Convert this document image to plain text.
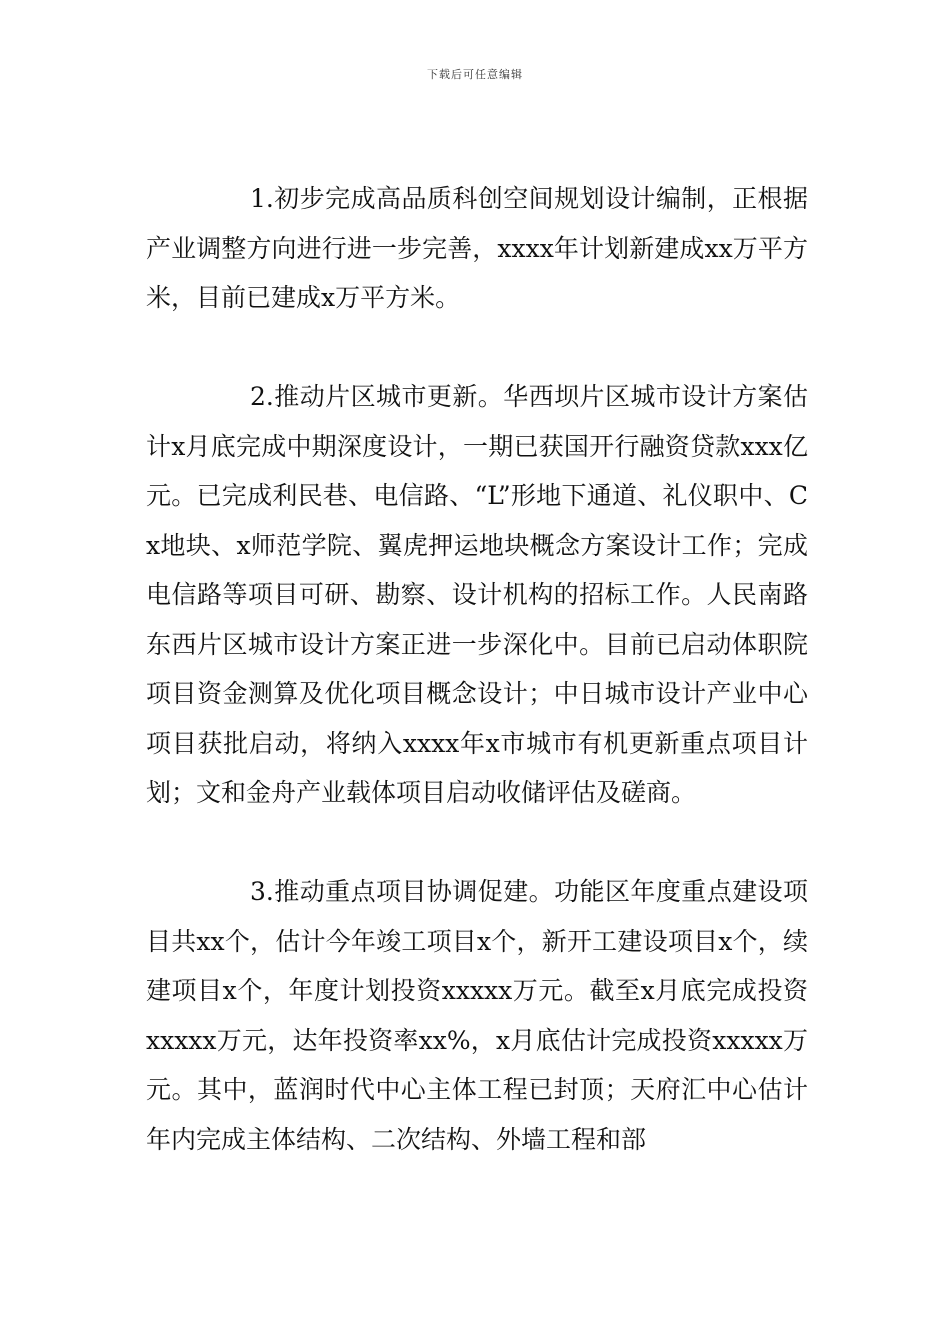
下载后可任意编辑

1.初步完成高品质科创空间规划设计编制，正根据产业调整方向进行进一步完善，xxxx年计划新建成xx万平方米，目前已建成x万平方米。

2.推动片区城市更新。华西坝片区城市设计方案估计x月底完成中期深度设计，一期已获国开行融资贷款xxx亿元。已完成利民巷、电信路、“L”形地下通道、礼仪职中、Cx地块、x师范学院、翼虎押运地块概念方案设计工作；完成电信路等项目可研、勘察、设计机构的招标工作。人民南路东西片区城市设计方案正进一步深化中。目前已启动体职院项目资金测算及优化项目概念设计；中日城市设计产业中心项目获批启动，将纳入xxxx年x市城市有机更新重点项目计划；文和金舟产业载体项目启动收储评估及磋商。

3.推动重点项目协调促建。功能区年度重点建设项目共xx个，估计今年竣工项目x个，新开工建设项目x个，续建项目x个，年度计划投资xxxxx万元。截至x月底完成投资xxxxx万元，达年投资率xx%，x月底估计完成投资xxxxx万元。其中，蓝润时代中心主体工程已封顶；天府汇中心估计年内完成主体结构、二次结构、外墙工程和部
